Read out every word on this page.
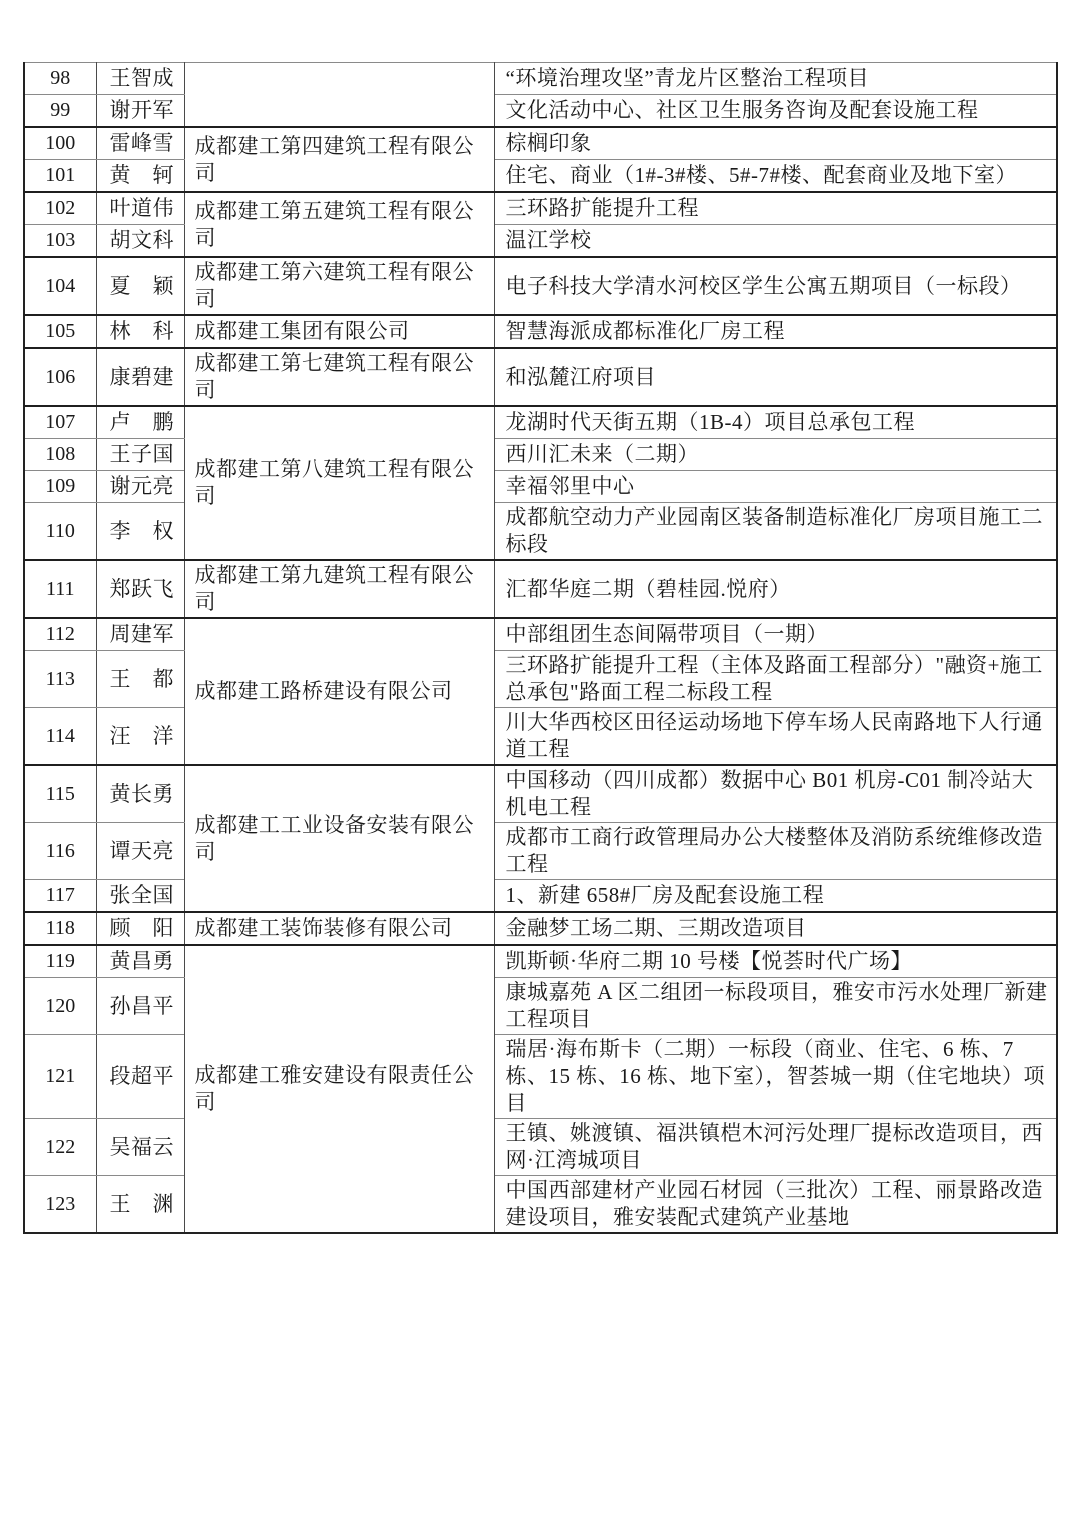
98	王智成		“环境治理攻坚”青龙片区整治工程项目
99	谢开军		文化活动中心、社区卫生服务咨询及配套设施工程
100	雷峰雪	成都建工第四建筑工程有限公司	棕榈印象
101	黄　轲		住宅、商业（1#-3#楼、5#-7#楼、配套商业及地下室）
102	叶道伟	成都建工第五建筑工程有限公司	三环路扩能提升工程
103	胡文科		温江学校
104	夏　颖	成都建工第六建筑工程有限公司	电子科技大学清水河校区学生公寓五期项目（一标段）
105	林　科	成都建工集团有限公司	智慧海派成都标准化厂房工程
106	康碧建	成都建工第七建筑工程有限公司	和泓麓江府项目
107	卢　鹏	成都建工第八建筑工程有限公司	龙湖时代天街五期（1B-4）项目总承包工程
108	王子国		西川汇未来（二期）
109	谢元亮		幸福邻里中心
110	李　权		成都航空动力产业园南区装备制造标准化厂房项目施工二标段
111	郑跃飞	成都建工第九建筑工程有限公司	汇都华庭二期（碧桂园.悦府）
112	周建军	成都建工路桥建设有限公司	中部组团生态间隔带项目（一期）
113	王　都		三环路扩能提升工程（主体及路面工程部分）"融资+施工总承包"路面工程二标段工程
114	汪　洋		川大华西校区田径运动场地下停车场人民南路地下人行通道工程
115	黄长勇	成都建工工业设备安装有限公司	中国移动（四川成都）数据中心 B01 机房-C01 制冷站大机电工程
116	谭天亮		成都市工商行政管理局办公大楼整体及消防系统维修改造工程
117	张全国		1、新建 658#厂房及配套设施工程
118	顾　阳	成都建工装饰装修有限公司	金融梦工场二期、三期改造项目
119	黄昌勇	成都建工雅安建设有限责任公司	凯斯顿·华府二期 10 号楼【悦荟时代广场】
120	孙昌平		康城嘉苑 A 区二组团一标段项目，雅安市污水处理厂新建工程项目
121	段超平		瑞居·海布斯卡（二期）一标段（商业、住宅、6 栋、7 栋、15 栋、16 栋、地下室），智荟城一期（住宅地块）项目
122	吴福云		王镇、姚渡镇、福洪镇桤木河污处理厂提标改造项目，西网·江湾城项目
123	王　渊		中国西部建材产业园石材园（三批次）工程、丽景路改造建设项目，雅安装配式建筑产业基地
